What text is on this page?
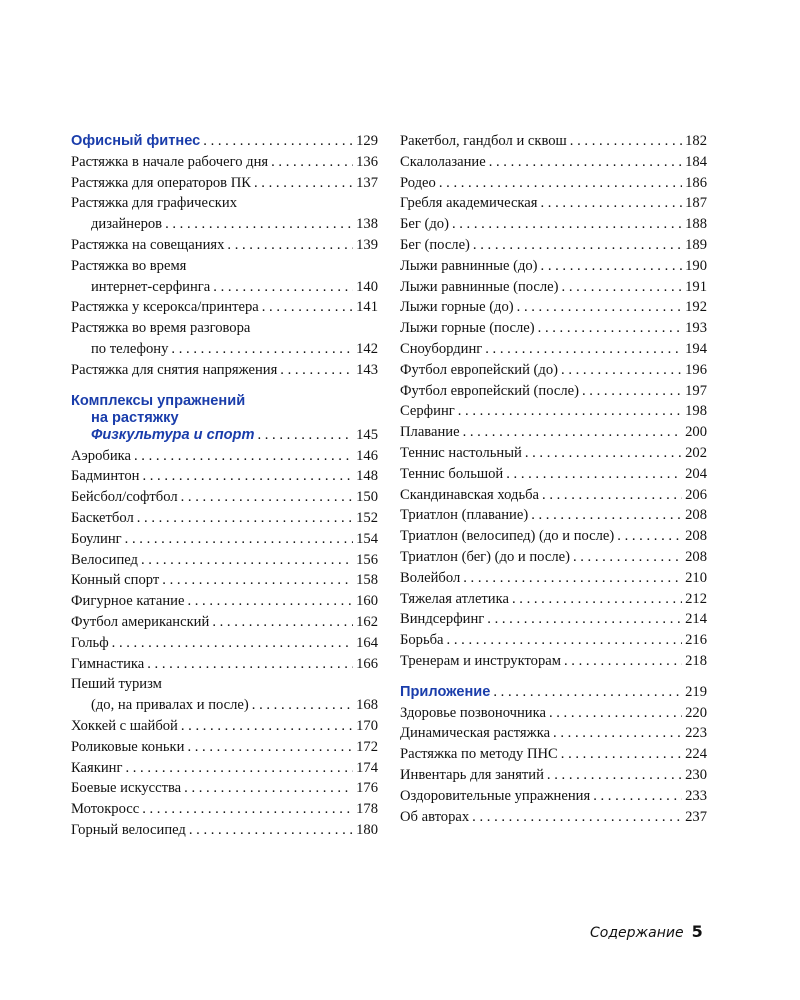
Офисный фитнес . . .	129
Растяжка в начале рабочего дня . . .	136
Растяжка для операторов ПК . . .	137
Растяжка для графических
дизайнеров . . .	138
Растяжка на совещаниях . . .	139
Растяжка во время
интернет-серфинга . . .	140
Растяжка у ксерокса/принтера . . .	141
Растяжка во время разговора
по телефону . . .	142
Растяжка для снятия напряжения . . .	143
Комплексы упражнений
на растяжку
Физкультура и спорт . . .	145
Аэробика . . .	146
Бадминтон . . .	148
Бейсбол/софтбол . . .	150
Баскетбол . . .	152
Боулинг . . .	154
Велосипед . . .	156
Конный спорт . . .	158
Фигурное катание . . .	160
Футбол американский . . .	162
Гольф . . .	164
Гимнастика . . .	166
Пеший туризм
(до, на привалах и после) . . .	168
Хоккей с шайбой . . .	170
Роликовые коньки . . .	172
Каякинг . . .	174
Боевые искусства . . .	176
Мотокросс . . .	178
Горный велосипед . . .	180
Ракетбол, гандбол и сквош . . .	182
Скалолазание . . .	184
Родео . . .	186
Гребля академическая . . .	187
Бег (до) . . .	188
Бег (после) . . .	189
Лыжи равнинные (до) . . .	190
Лыжи равнинные (после) . . .	191
Лыжи горные (до) . . .	192
Лыжи горные (после) . . .	193
Сноубординг . . .	194
Футбол европейский (до) . . .	196
Футбол европейский (после) . . .	197
Серфинг . . .	198
Плавание . . .	200
Теннис настольный . . .	202
Теннис большой . . .	204
Скандинавская ходьба . . .	206
Триатлон (плавание) . . .	208
Триатлон (велосипед) (до и после) . . .	208
Триатлон (бег) (до и после) . . .	208
Волейбол . . .	210
Тяжелая атлетика . . .	212
Виндсерфинг . . .	214
Борьба . . .	216
Тренерам и инструкторам . . .	218
Приложение . . .	219
Здоровье позвоночника . . .	220
Динамическая растяжка . . .	223
Растяжка по методу ПНС . . .	224
Инвентарь для занятий . . .	230
Оздоровительные упражнения . . .	233
Об авторах . . .	237
Содержание 5
